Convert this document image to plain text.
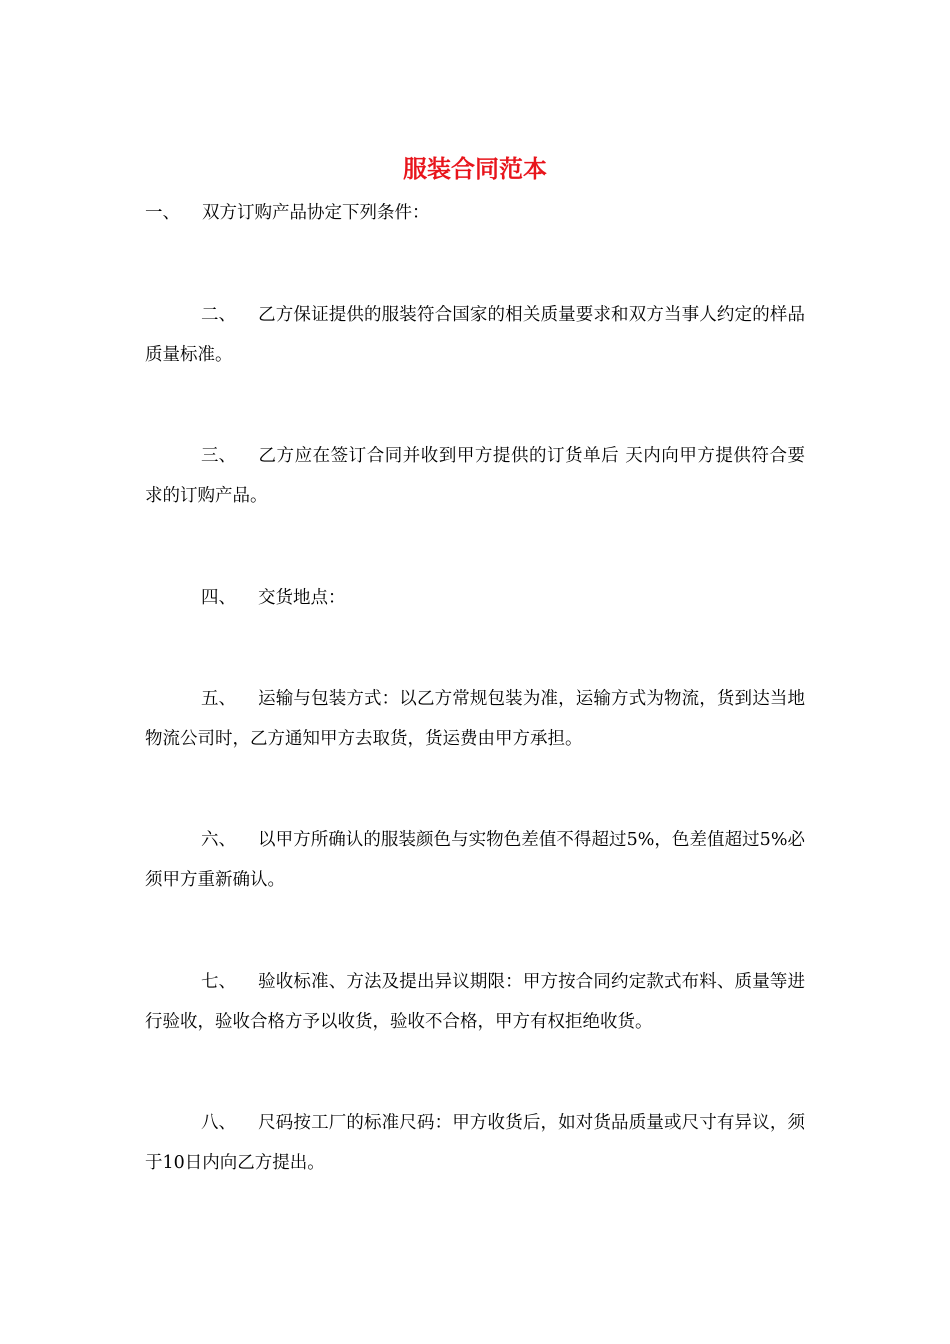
服装合同范本
一、 双方订购产品协定下列条件：
二、 乙方保证提供的服装符合国家的相关质量要求和双方当事人约定的样品质量标准。
三、 乙方应在签订合同并收到甲方提供的订货单后 天内向甲方提供符合要求的订购产品。
四、 交货地点：
五、 运输与包装方式：以乙方常规包装为准，运输方式为物流，货到达当地物流公司时，乙方通知甲方去取货，货运费由甲方承担。
六、 以甲方所确认的服装颜色与实物色差值不得超过5%，色差值超过5%必须甲方重新确认。
七、 验收标准、方法及提出异议期限：甲方按合同约定款式布料、质量等进行验收，验收合格方予以收货，验收不合格，甲方有权拒绝收货。
八、 尺码按工厂的标准尺码：甲方收货后，如对货品质量或尺寸有异议，须于10日内向乙方提出。
